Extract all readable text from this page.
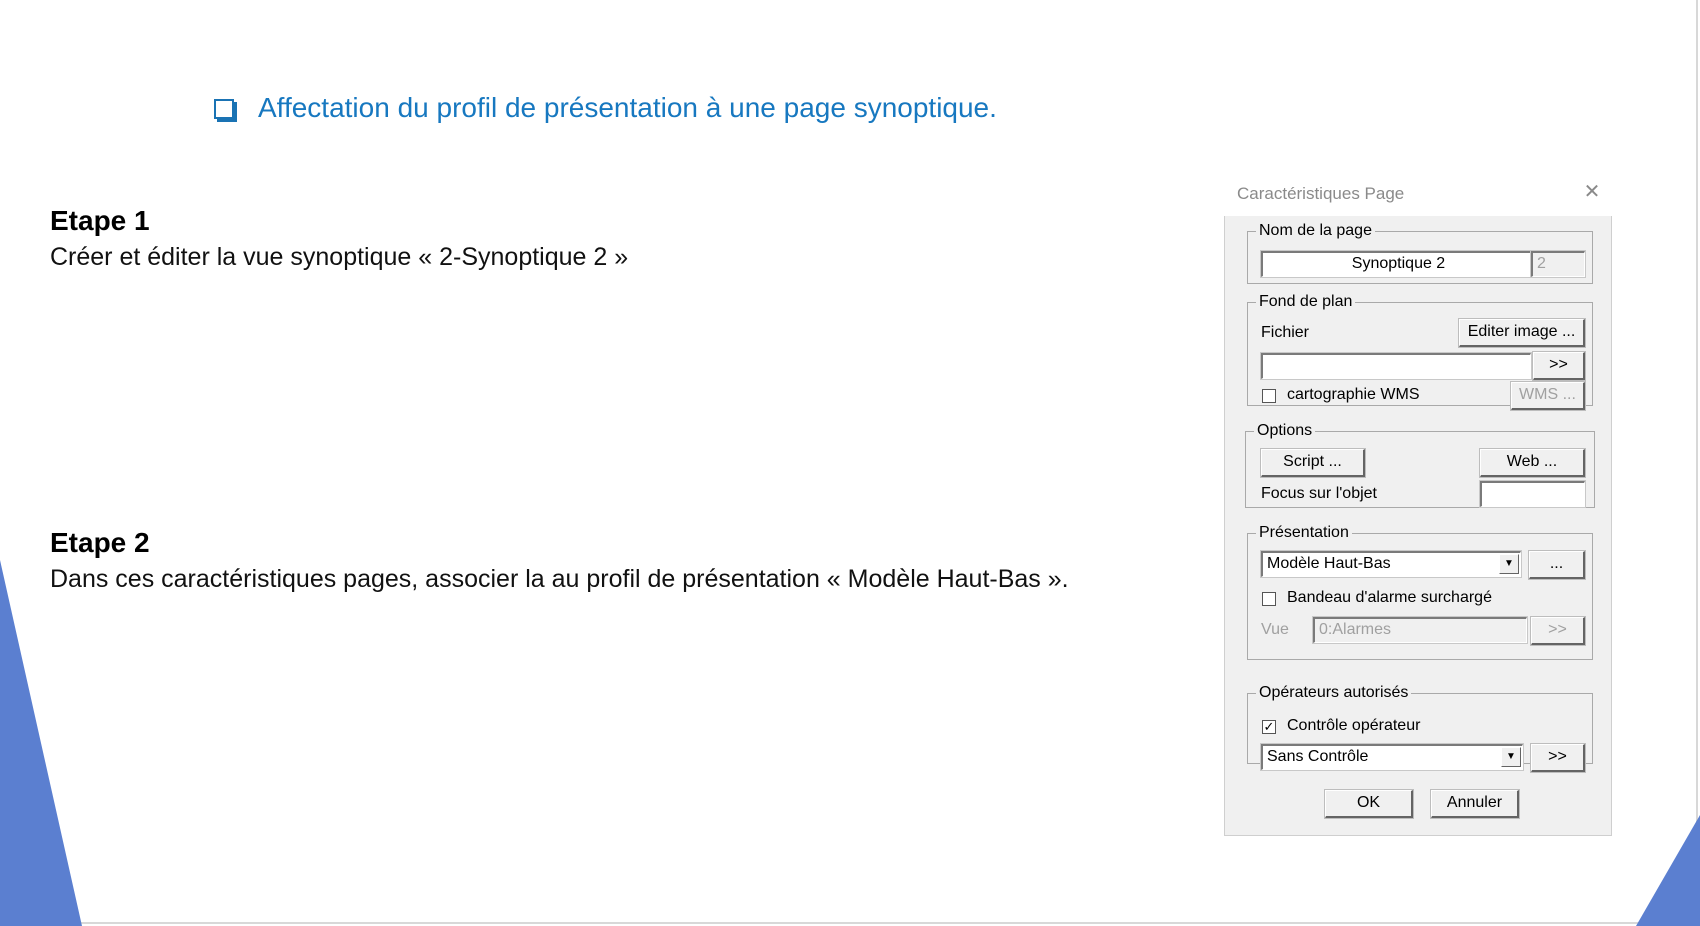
Affectation du profil de présentation à une page synoptique.
Etape 1
Créer et éditer la vue synoptique « 2-Synoptique 2 »
Etape 2
Dans ces caractéristiques pages, associer la au profil de présentation « Modèle Haut-Bas ».
Caractéristiques Page	✕
Nom de la page
Synoptique 2	2
Fond de plan
Fichier	Editer image ...
>>
cartographie WMS	WMS ...
Options
Script ...	Web ...
Focus sur l'objet
Présentation
Modèle Haut-Bas	▼	...
Bandeau d'alarme surchargé
Vue	0:Alarmes	>>
Opérateurs autorisés
✓ Contrôle opérateur
Sans Contrôle	▼	>>
OK	Annuler
